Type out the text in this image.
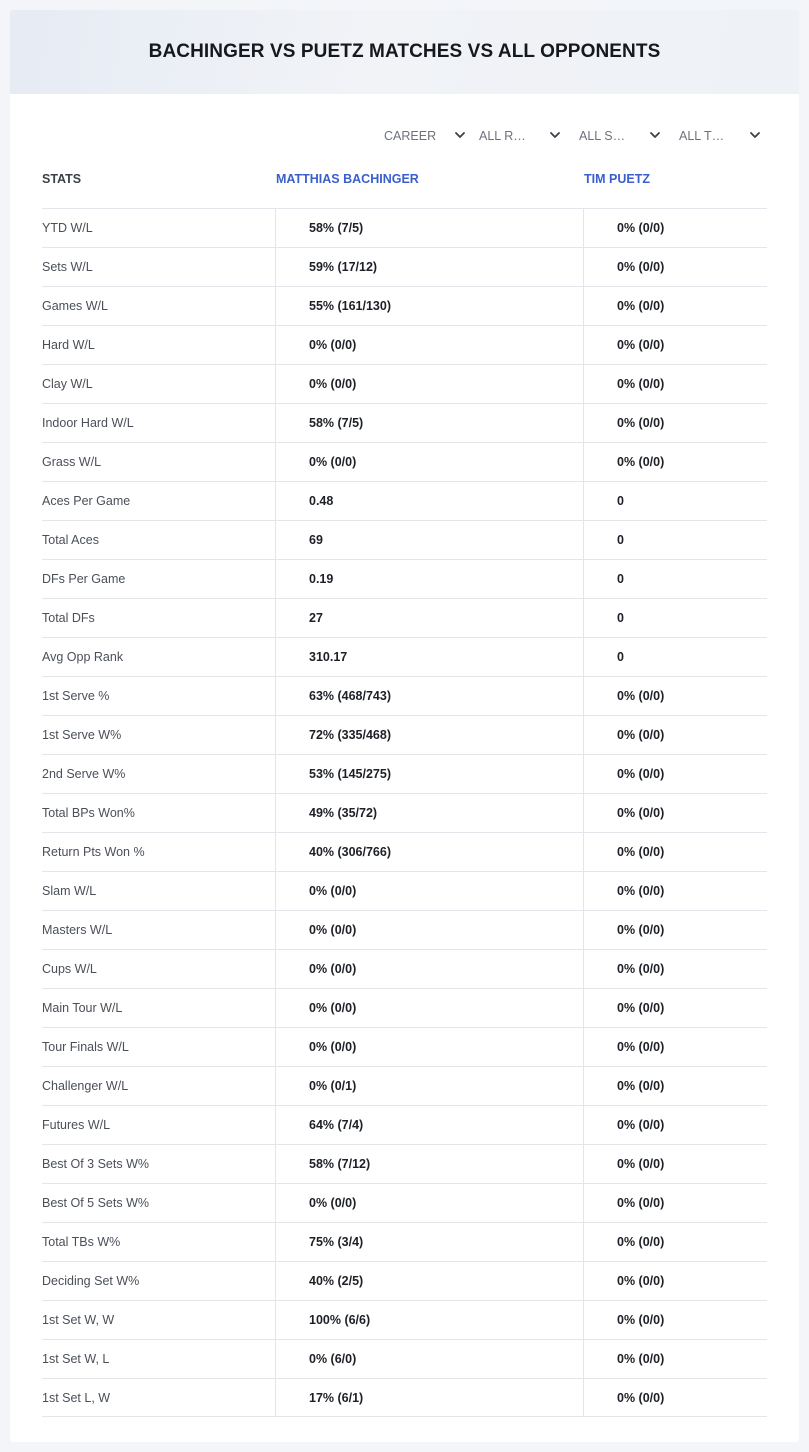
BACHINGER VS PUETZ MATCHES VS ALL OPPONENTS
CAREER	ALL R…	ALL S…	ALL T…
STATS	MATTHIAS BACHINGER	TIM PUETZ
YTD W/L	58% (7/5)	0% (0/0)
Sets W/L	59% (17/12)	0% (0/0)
Games W/L	55% (161/130)	0% (0/0)
Hard W/L	0% (0/0)	0% (0/0)
Clay W/L	0% (0/0)	0% (0/0)
Indoor Hard W/L	58% (7/5)	0% (0/0)
Grass W/L	0% (0/0)	0% (0/0)
Aces Per Game	0.48	0
Total Aces	69	0
DFs Per Game	0.19	0
Total DFs	27	0
Avg Opp Rank	310.17	0
1st Serve %	63% (468/743)	0% (0/0)
1st Serve W%	72% (335/468)	0% (0/0)
2nd Serve W%	53% (145/275)	0% (0/0)
Total BPs Won%	49% (35/72)	0% (0/0)
Return Pts Won %	40% (306/766)	0% (0/0)
Slam W/L	0% (0/0)	0% (0/0)
Masters W/L	0% (0/0)	0% (0/0)
Cups W/L	0% (0/0)	0% (0/0)
Main Tour W/L	0% (0/0)	0% (0/0)
Tour Finals W/L	0% (0/0)	0% (0/0)
Challenger W/L	0% (0/1)	0% (0/0)
Futures W/L	64% (7/4)	0% (0/0)
Best Of 3 Sets W%	58% (7/12)	0% (0/0)
Best Of 5 Sets W%	0% (0/0)	0% (0/0)
Total TBs W%	75% (3/4)	0% (0/0)
Deciding Set W%	40% (2/5)	0% (0/0)
1st Set W, W	100% (6/6)	0% (0/0)
1st Set W, L	0% (6/0)	0% (0/0)
1st Set L, W	17% (6/1)	0% (0/0)
